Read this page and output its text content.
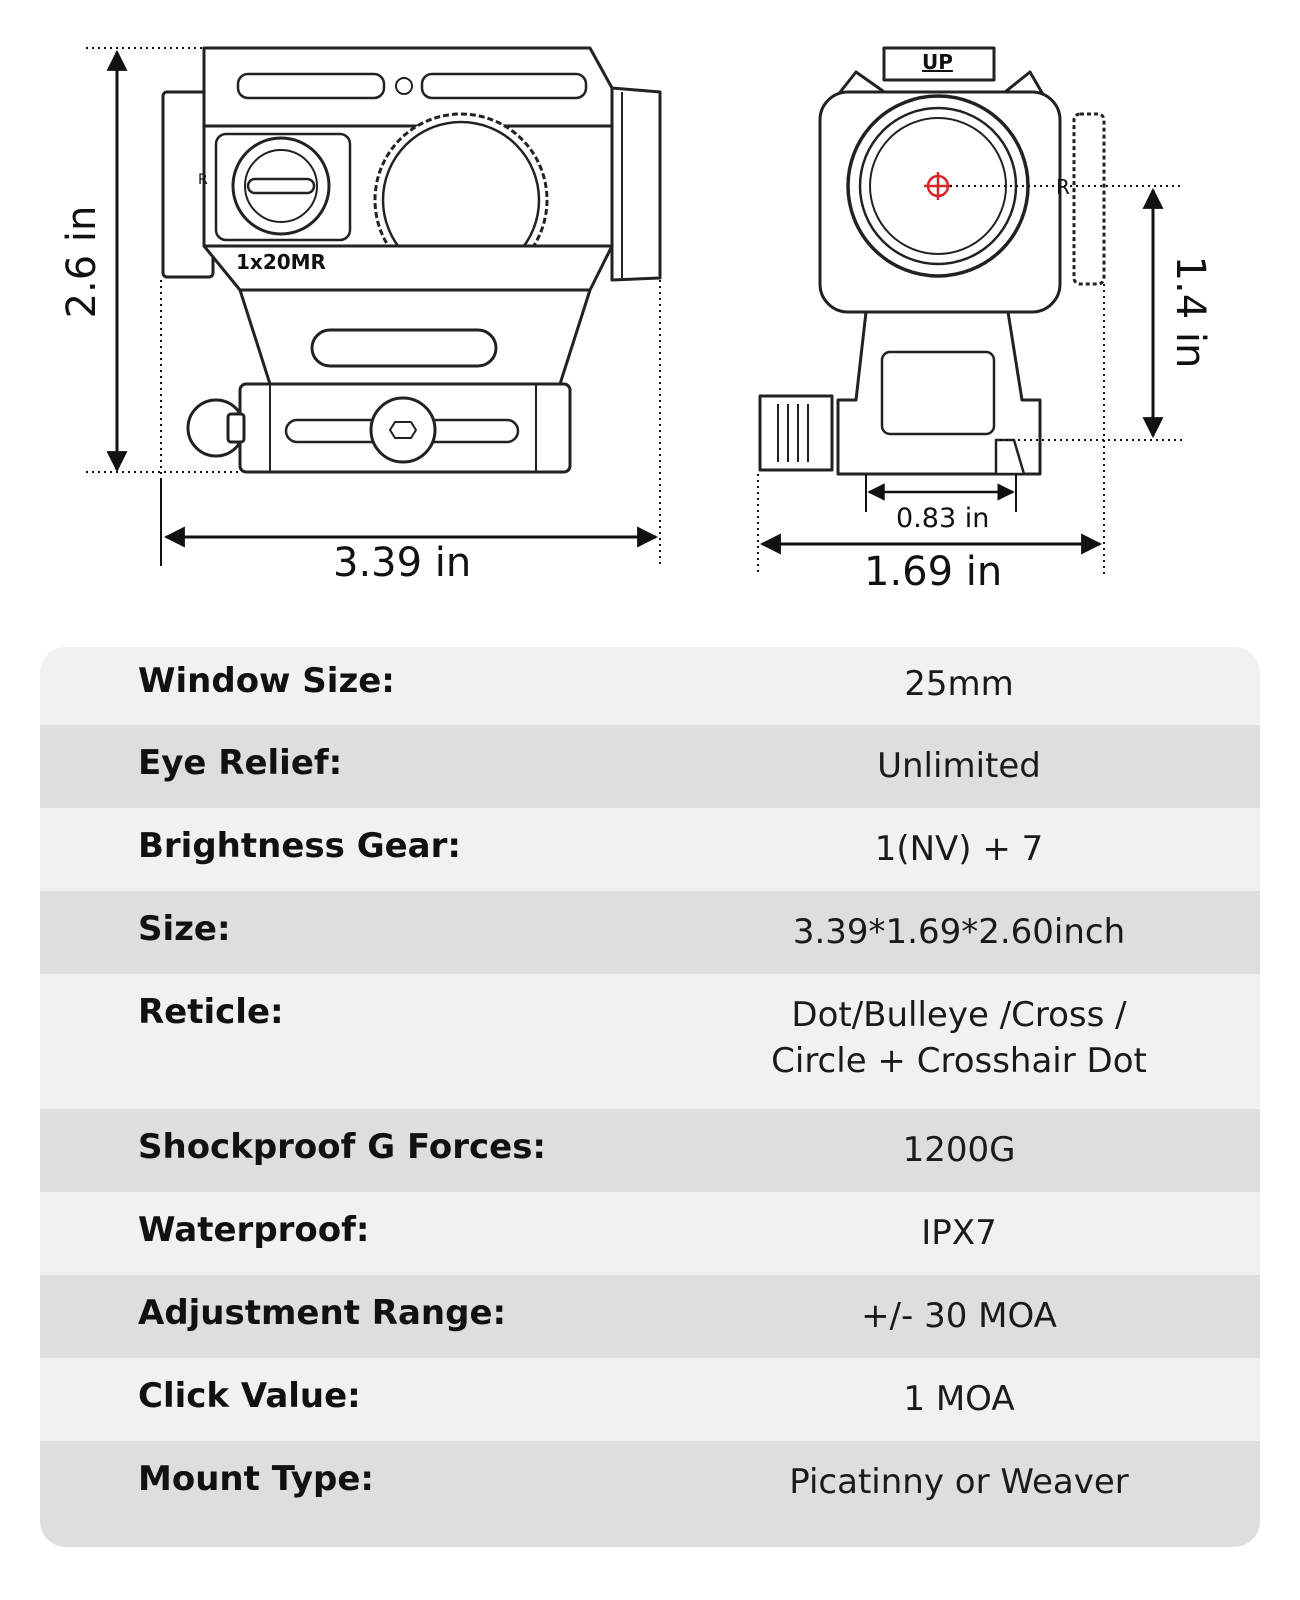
1x20MR
R
2.6 in
3.39 in
UP
R
1.4 in
0.83 in
1.69 in
Window Size:	25mm
Eye Relief:	Unlimited
Brightness Gear:	1(NV) + 7
Size:	3.39*1.69*2.60inch
Reticle:	Dot/Bulleye /Cross /
Circle + Crosshair Dot
Shockproof G Forces:	1200G
Waterproof:	IPX7
Adjustment Range:	+/- 30 MOA
Click Value:	1 MOA
Mount Type:	Picatinny or Weaver
